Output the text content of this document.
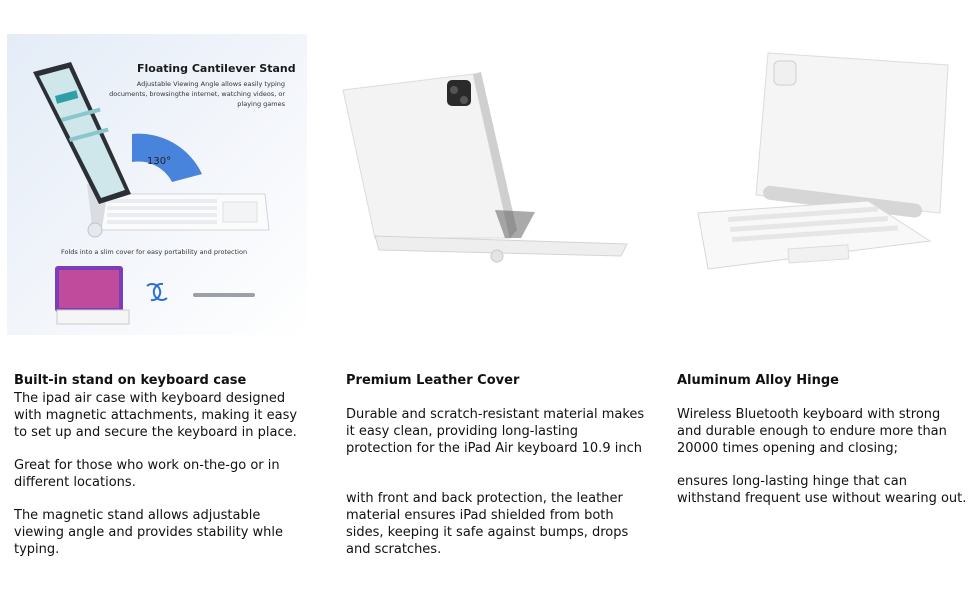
Floating Cantilever Stand
Adjustable Viewing Angle allows easily typing documents, browsingthe internet, watching videos, or playing games
130°
Folds into a slim cover for easy portability and protection
Built-in stand on keyboard case

The ipad air case with keyboard designed with magnetic attachments, making it easy to set up and secure the keyboard in place.

Great for those who work on-the-go or in different locations.

The magnetic stand allows adjustable viewing angle and provides stability whle typing.

Premium Leather Cover

Durable and scratch-resistant material makes it easy clean, providing long-lasting protection for the iPad Air keyboard 10.9 inch

with front and back protection, the leather material ensures iPad shielded from both sides, keeping it safe against bumps, drops and scratches.

Aluminum Alloy Hinge

Wireless Bluetooth keyboard with strong and durable enough to endure more than 20000 times opening and closing;

ensures long-lasting hinge that can withstand frequent use without wearing out.
